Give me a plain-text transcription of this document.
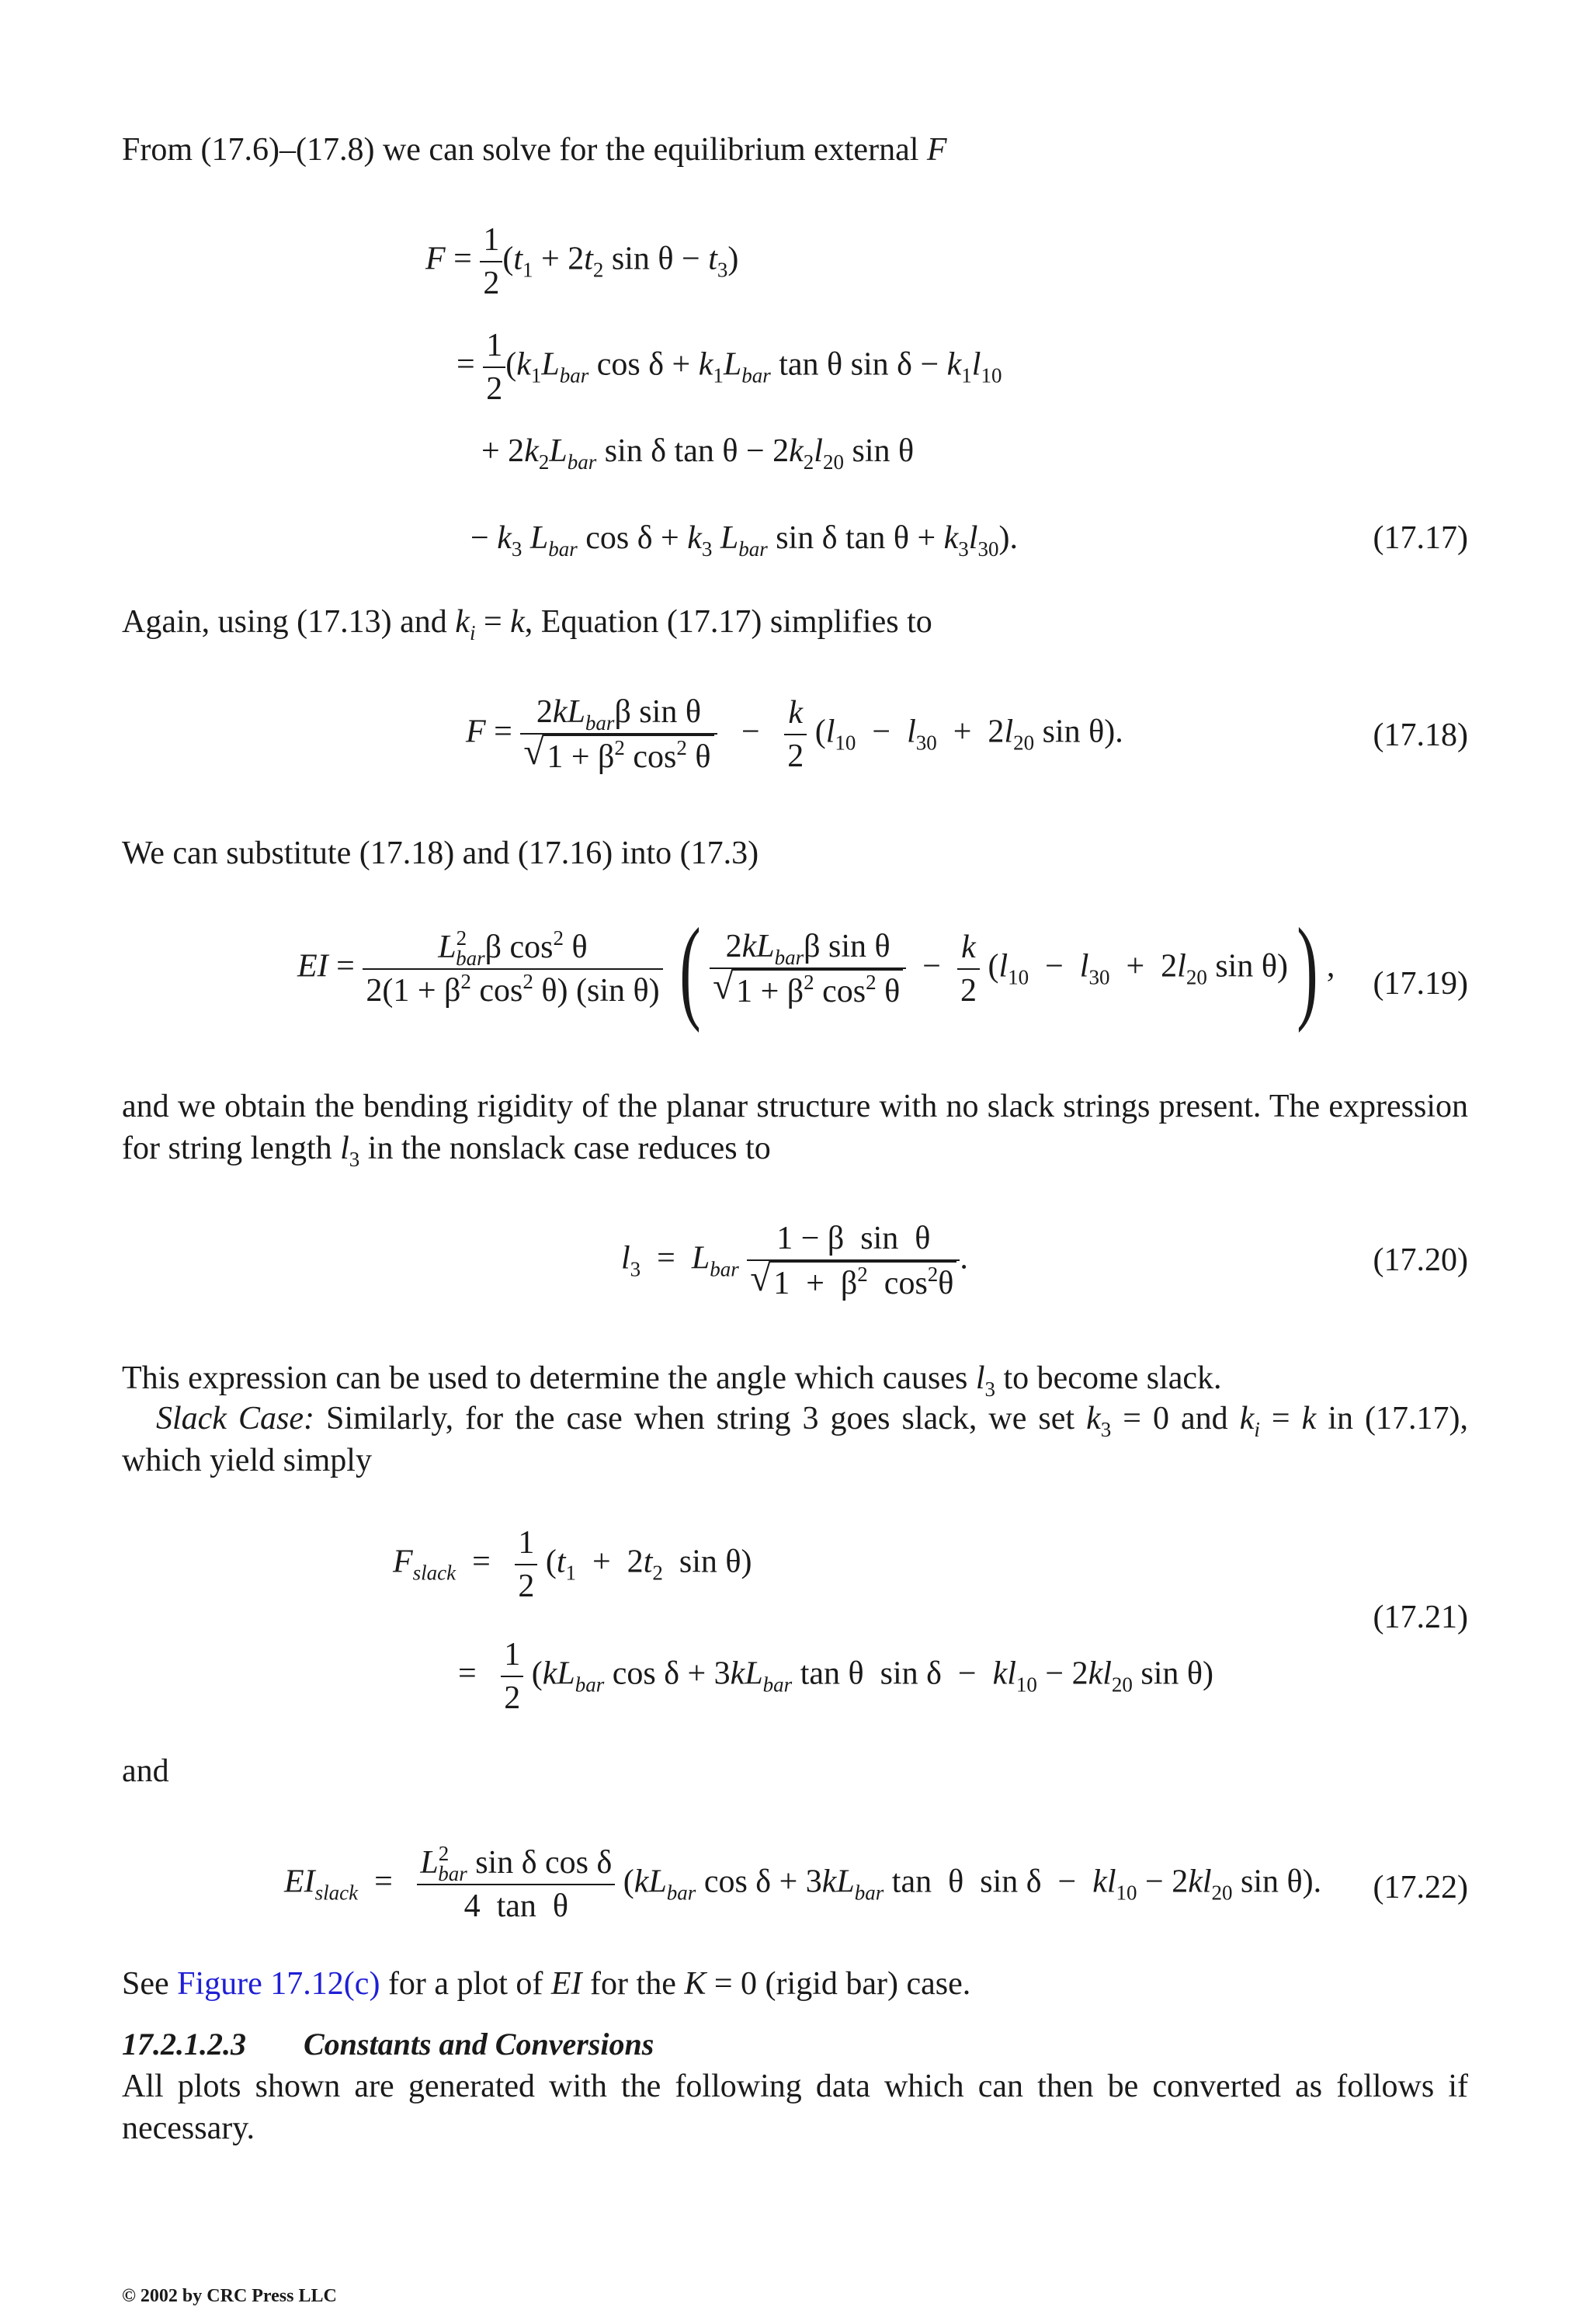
From (17.6)–(17.8) we can solve for the equilibrium external F
$F = \frac{1}{2} (t_1 + 2t_2$ $\sin \theta - t_3$)
= $\frac{1}{2} (k_1L_{bar}$ $\cos \delta + k_1L_{bar}$ tan θ $\sin \delta - k_1l_{10}$
+ $2k_2L_{bar}$ sin δ $\tan \theta - 2k_2l_{20}$ sin θ
− $k_3$ $L_{bar}$ $\cos \delta + k_3$ $L_{bar}$ sin δ $\tan \theta + k_3l_{30}$).	(17.17)
Again, using (17.13) and $k_i = k$, Equation (17.17) simplifies to
$F = 2kL_{bar}\beta$ sin θ
√ $1 + \beta^2$ $\cos^2 \theta - \frac{k}{2} (l_{10} - l_{30} + 2l_{20}$ sin θ).	(17.18)
We can substitute (17.18) and (17.16) into (17.3)
EI = $\frac{L^2_{bar}\beta \cos^2 \theta}{2(1 + \beta^2 \cos^2 \theta) (\sin \theta)}$ ( $2kL_{bar}\beta$ sin θ
√ $1 + \beta^2$ $\cos^2 \theta - \frac{k}{2} (l_{10} - l_{30} + 2l_{20}$ sin θ)) , (17.19)
and we obtain the bending rigidity of the planar structure with no slack strings present. The expression for string length $l_3$ in the nonslack case reduces to
$l_3 = L_{bar}$ 1 − β  sin  θ
√ $1 + \beta^2$  $\cos^2\theta$ .	(17.20)
This expression can be used to determine the angle which causes $l_3$ to become slack.
Slack Case: Similarly, for the case when string 3 goes slack, we set $k_3 = 0$ and $k_i = k$ in (17.17), which yield simply
$F_{slack} = \frac{1}{2} (t_1 + 2t_2$  sin θ)
= $\frac{1}{2} (kL_{bar}$ $\cos \delta + 3kL_{bar}$ tan θ  $\sin \delta - kl_{10} - 2kl_{20}$ sin θ)
(17.21)
and
$EI_{slack} = \frac{L^2_{bar} \sin \delta \cos \delta}{\text{4  tan  θ}} (kL_{bar}$ $\cos \delta + 3kL_{bar}$ tan  θ  $\sin \delta - kl_{10} - 2kl_{20}$ sin θ). (17.22)
See Figure 17.12(c) for a plot of EI for the K = 0 (rigid bar) case.
17.2.1.2.3 Constants and Conversions
All plots shown are generated with the following data which can then be converted as follows if necessary.
© 2002 by CRC Press LLC
